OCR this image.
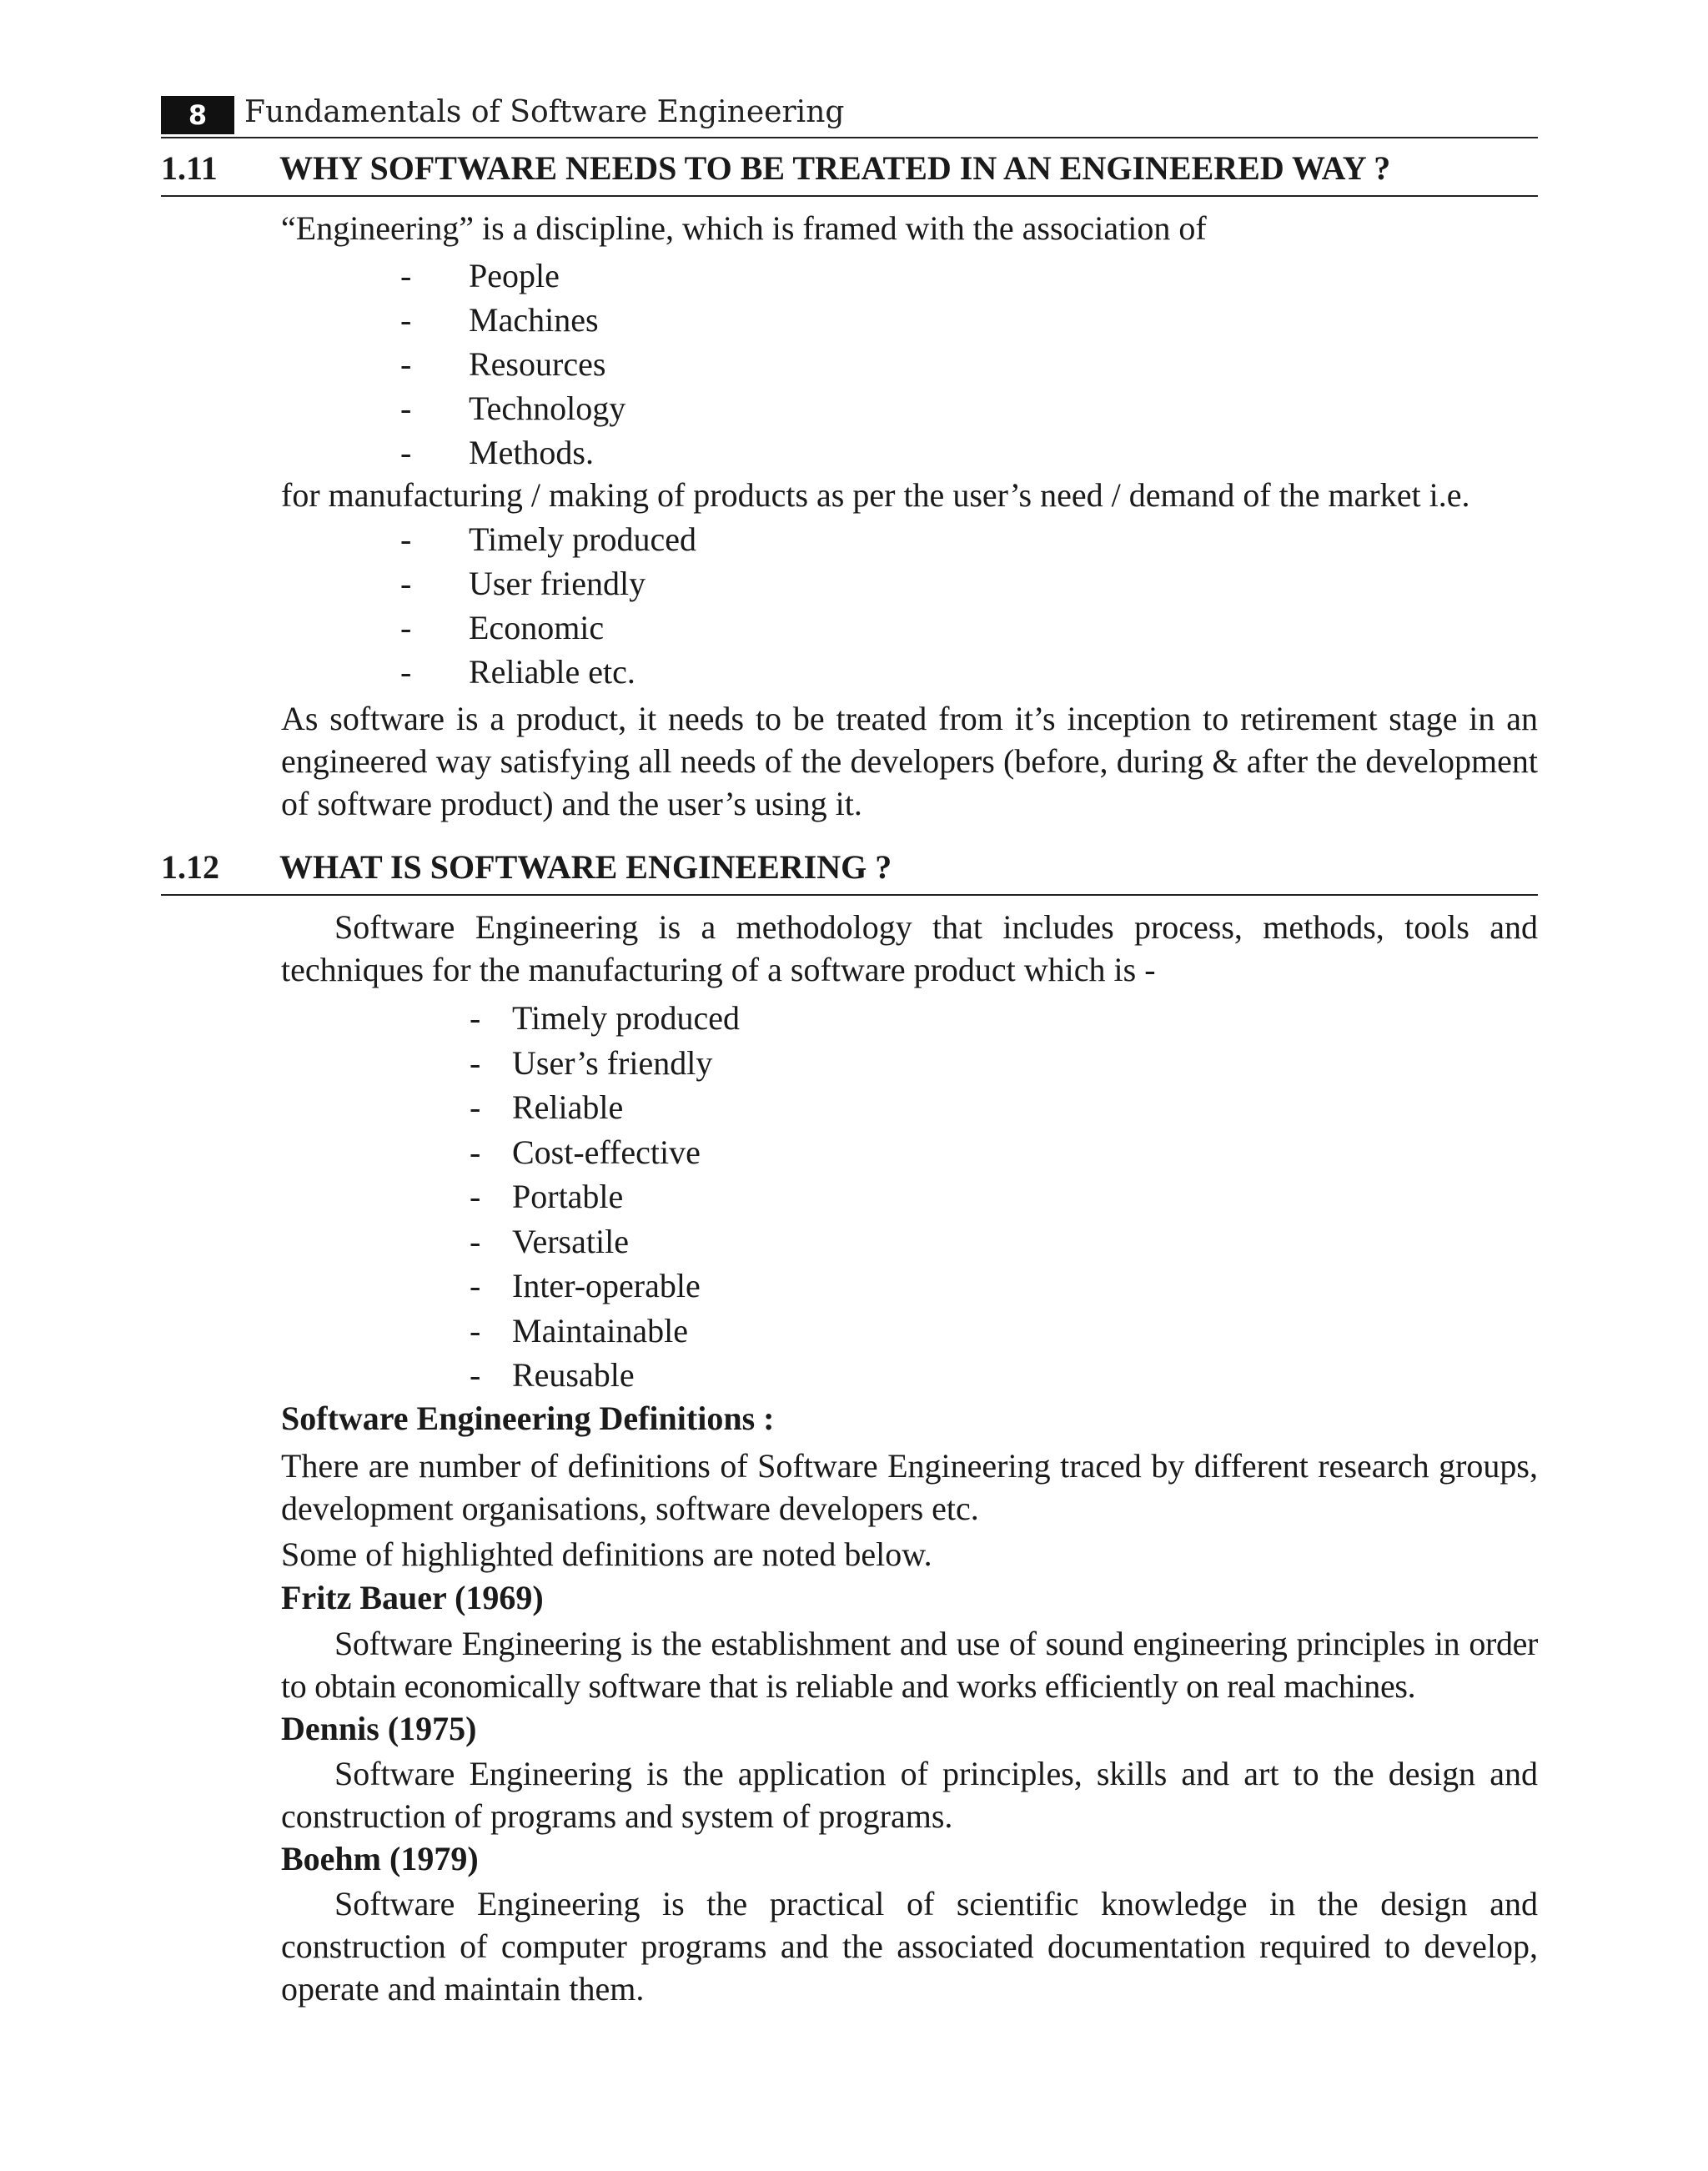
8	Fundamentals of Software Engineering
1.11 WHY SOFTWARE NEEDS TO BE TREATED IN AN ENGINEERED WAY ?
“Engineering” is a discipline, which is framed with the association of
- People
- Machines
- Resources
- Technology
- Methods.
for manufacturing / making of products as per the user’s need / demand of the market i.e.
- Timely produced
- User friendly
- Economic
- Reliable etc.
As software is a product, it needs to be treated from it’s inception to retirement stage in an engineered way satisfying all needs of the developers (before, during & after the development of software product) and the user’s using it.
1.12 WHAT IS SOFTWARE ENGINEERING ?
Software Engineering is a methodology that includes process, methods, tools and techniques for the manufacturing of a software product which is -
- Timely produced
- User’s friendly
- Reliable
- Cost-effective
- Portable
- Versatile
- Inter-operable
- Maintainable
- Reusable
Software Engineering Definitions :
There are number of definitions of Software Engineering traced by different research groups, development organisations, software developers etc.
Some of highlighted definitions are noted below.
Fritz Bauer (1969)
Software Engineering is the establishment and use of sound engineering principles in order to obtain economically software that is reliable and works efficiently on real machines.
Dennis (1975)
Software Engineering is the application of principles, skills and art to the design and construction of programs and system of programs.
Boehm (1979)
Software Engineering is the practical of scientific knowledge in the design and construction of computer programs and the associated documentation required to develop, operate and maintain them.
